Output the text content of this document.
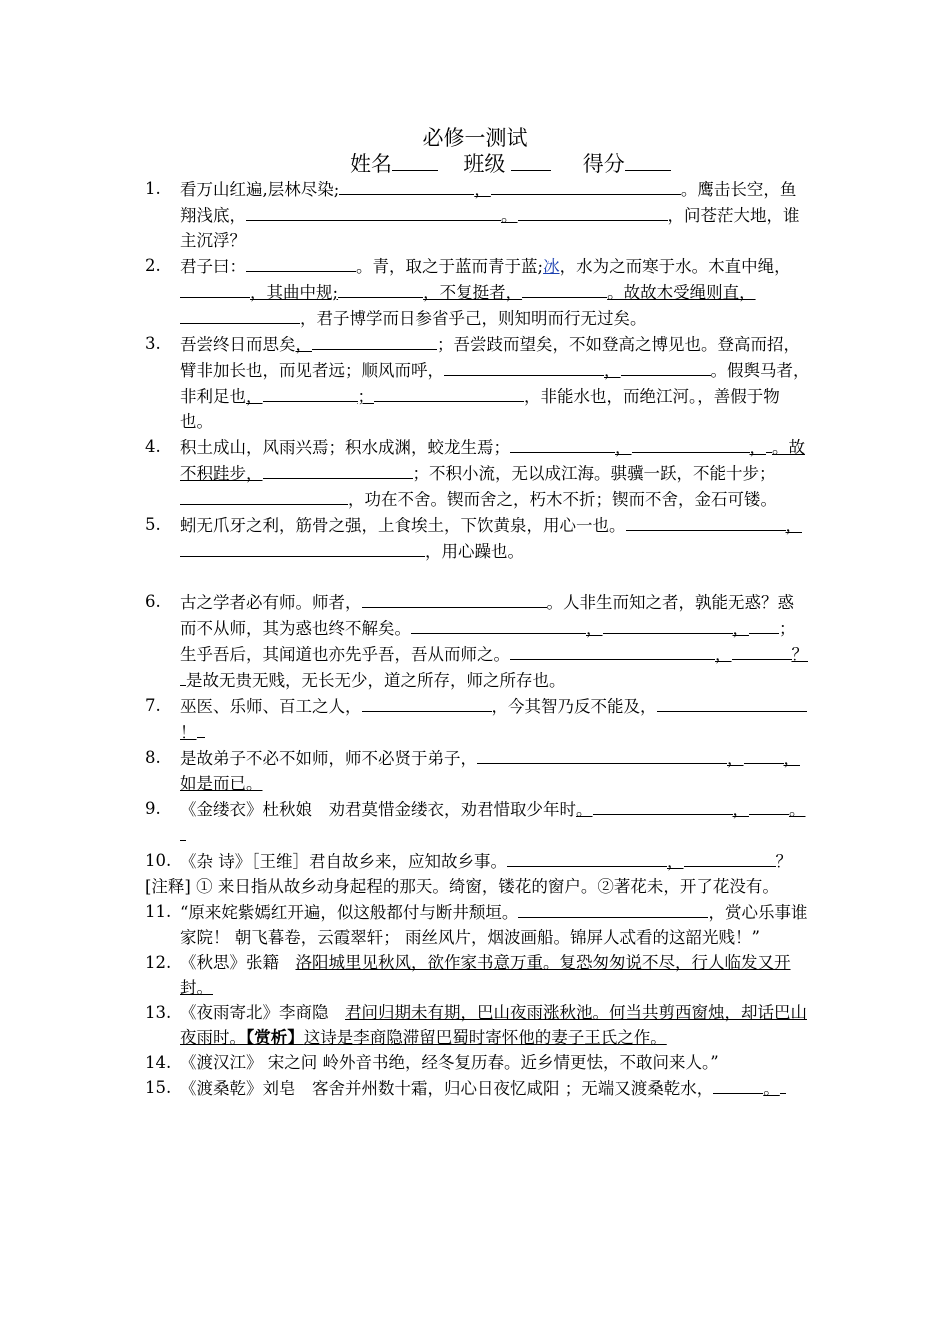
必修一测试
姓名	班级	得分
1. 看万山红遍,层林尽染;	，	。鹰击长空，鱼翔浅底，	。	，问苍茫大地，谁主沉浮？
2. 君子曰：	。青，取之于蓝而青于蓝;冰，水为之而寒于水。木直中绳，，其曲中规;	，不复挺者，	。故故木受绳则直，，君子博学而日参省乎己，则知明而行无过矣。
3. 吾尝终日而思矣，	；吾尝跂而望矣，不如登高之博见也。登高而招，臂非加长也，而见者远；顺风而呼，	，	。假舆马者，非利足也，	；	，非能水也，而绝江河。，善假于物也。
4. 积土成山，风雨兴焉；积水成渊，蛟龙生焉；	，	， 。故不积跬步，	；不积小流，无以成江海。骐骥一跃，不能十步；，功在不舍。锲而舍之，朽木不折；锲而不舍，金石可镂。
5. 蚓无爪牙之利，筋骨之强，上食埃土，下饮黄泉，用心一也。	，，用心躁也。
6. 古之学者必有师。师者，	。人非生而知之者，孰能无惑？惑而不从师，其为惑也终不解矣。	，	， ；生乎吾后，其闻道也亦先乎吾，吾从而师之。	，	？是故无贵无贱，无长无少，道之所存，师之所存也。
7. 巫医、乐师、百工之人，	，今其智乃反不能及，！
8. 是故弟子不必不如师，师不必贤于弟子，	， ，如是而已。
9. 《金缕衣》杜秋娘　劝君莫惜金缕衣，劝君惜取少年时。	， 。
10. 《杂 诗》［王维］君自故乡来，应知故乡事。	，	？
[注释] ① 来日指从故乡动身起程的那天。绮窗，镂花的窗户。②著花未，开了花没有。
11. “原来姹紫嫣红开遍，似这般都付与断井颓垣。	，赏心乐事谁家院！ 朝飞暮卷，云霞翠轩； 雨丝风片，烟波画船。锦屏人忒看的这韶光贱！”
12. 《秋思》张籍　洛阳城里见秋风，欲作家书意万重。复恐匆匆说不尽，行人临发又开封。
13. 《夜雨寄北》李商隐　君问归期未有期，巴山夜雨涨秋池。何当共剪西窗烛，却话巴山夜雨时。【赏析】这诗是李商隐滞留巴蜀时寄怀他的妻子王氏之作。
14. 《渡汉江》 宋之问 岭外音书绝，经冬复历春。近乡情更怯，不敢问来人。”
15. 《渡桑乾》刘皂　客舍并州数十霜，归心日夜忆咸阳 ；无端又渡桑乾水，	。
